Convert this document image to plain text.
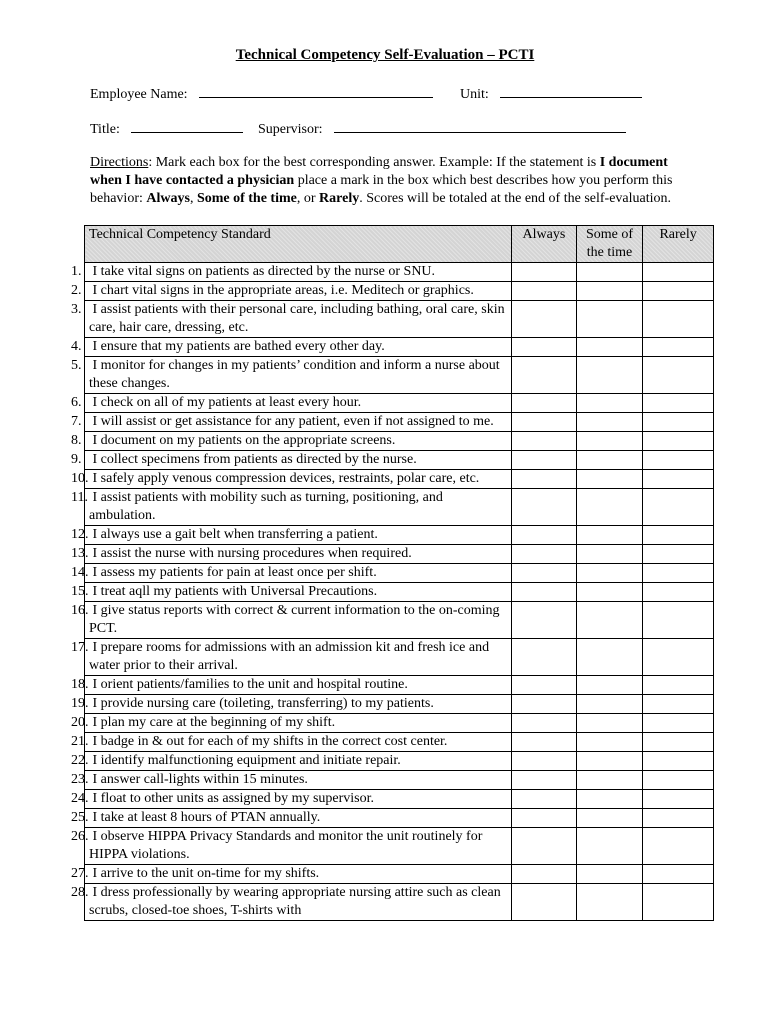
Technical Competency Self-Evaluation – PCTI
Employee Name:	Unit:
Title:	Supervisor:
Directions: Mark each box for the best corresponding answer. Example: If the statement is I document when I have contacted a physician place a mark in the box which best describes how you perform this behavior: Always, Some of the time, or Rarely. Scores will be totaled at the end of the self-evaluation.
Technical Competency Standard	Always	Some of the time	Rarely
1. I take vital signs on patients as directed by the nurse or SNU.			
2. I chart vital signs in the appropriate areas, i.e. Meditech or graphics.			
3. I assist patients with their personal care, including bathing, oral care, skin care, hair care, dressing, etc.			
4. I ensure that my patients are bathed every other day.			
5. I monitor for changes in my patients’ condition and inform a nurse about these changes.			
6. I check on all of my patients at least every hour.			
7. I will assist or get assistance for any patient, even if not assigned to me.			
8. I document on my patients on the appropriate screens.			
9. I collect specimens from patients as directed by the nurse.			
10. I safely apply venous compression devices, restraints, polar care, etc.			
11. I assist patients with mobility such as turning, positioning, and ambulation.			
12. I always use a gait belt when transferring a patient.			
13. I assist the nurse with nursing procedures when required.			
14. I assess my patients for pain at least once per shift.			
15. I treat aqll my patients with Universal Precautions.			
16. I give status reports with correct & current information to the on-coming PCT.			
17. I prepare rooms for admissions with an admission kit and fresh ice and water prior to their arrival.			
18. I orient patients/families to the unit and hospital routine.			
19. I provide nursing care (toileting, transferring) to my patients.			
20. I plan my care at the beginning of my shift.			
21. I badge in & out for each of my shifts in the correct cost center.			
22. I identify malfunctioning equipment and initiate repair.			
23. I answer call-lights within 15 minutes.			
24. I float to other units as assigned by my supervisor.			
25. I take at least 8 hours of PTAN annually.			
26. I observe HIPPA Privacy Standards and monitor the unit routinely for HIPPA violations.			
27. I arrive to the unit on-time for my shifts.			
28. I dress professionally by wearing appropriate nursing attire such as clean scrubs, closed-toe shoes, T-shirts with			
